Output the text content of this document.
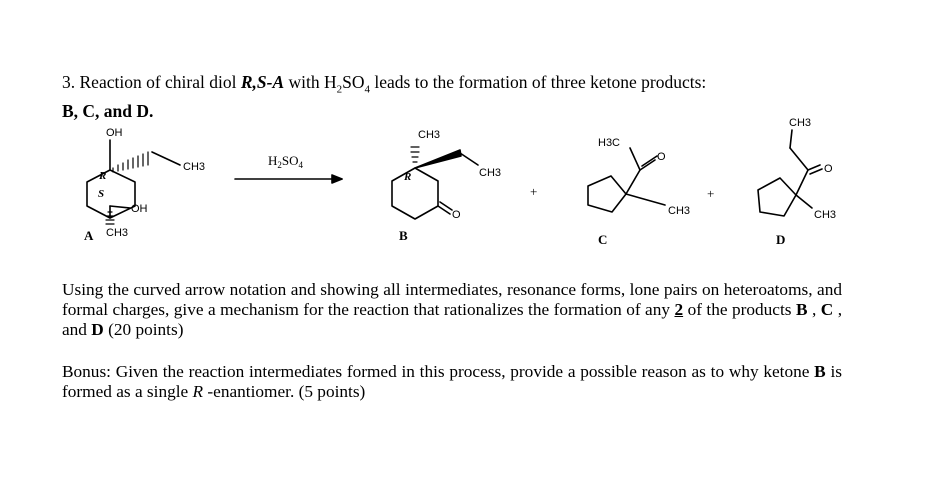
3. Reaction of chiral diol R,S-A with $H_2SO_4$ leads to the formation of three ketone products:
B, C, and D.
OH
CH3
OH
CH3
CH3
CH3
O
H3C
O
CH3
CH3
O
CH3
R
S
R
$H_2SO_4$
A	B	C	D
+	+
Using the curved arrow notation and showing all intermediates, resonance forms, lone pairs on heteroatoms, and formal charges, give a mechanism for the reaction that rationalizes the formation of any 2 of the products B , C , and D (20 points)
Bonus: Given the reaction intermediates formed in this process, provide a possible reason as to why ketone B is formed as a single R -enantiomer. (5 points)
